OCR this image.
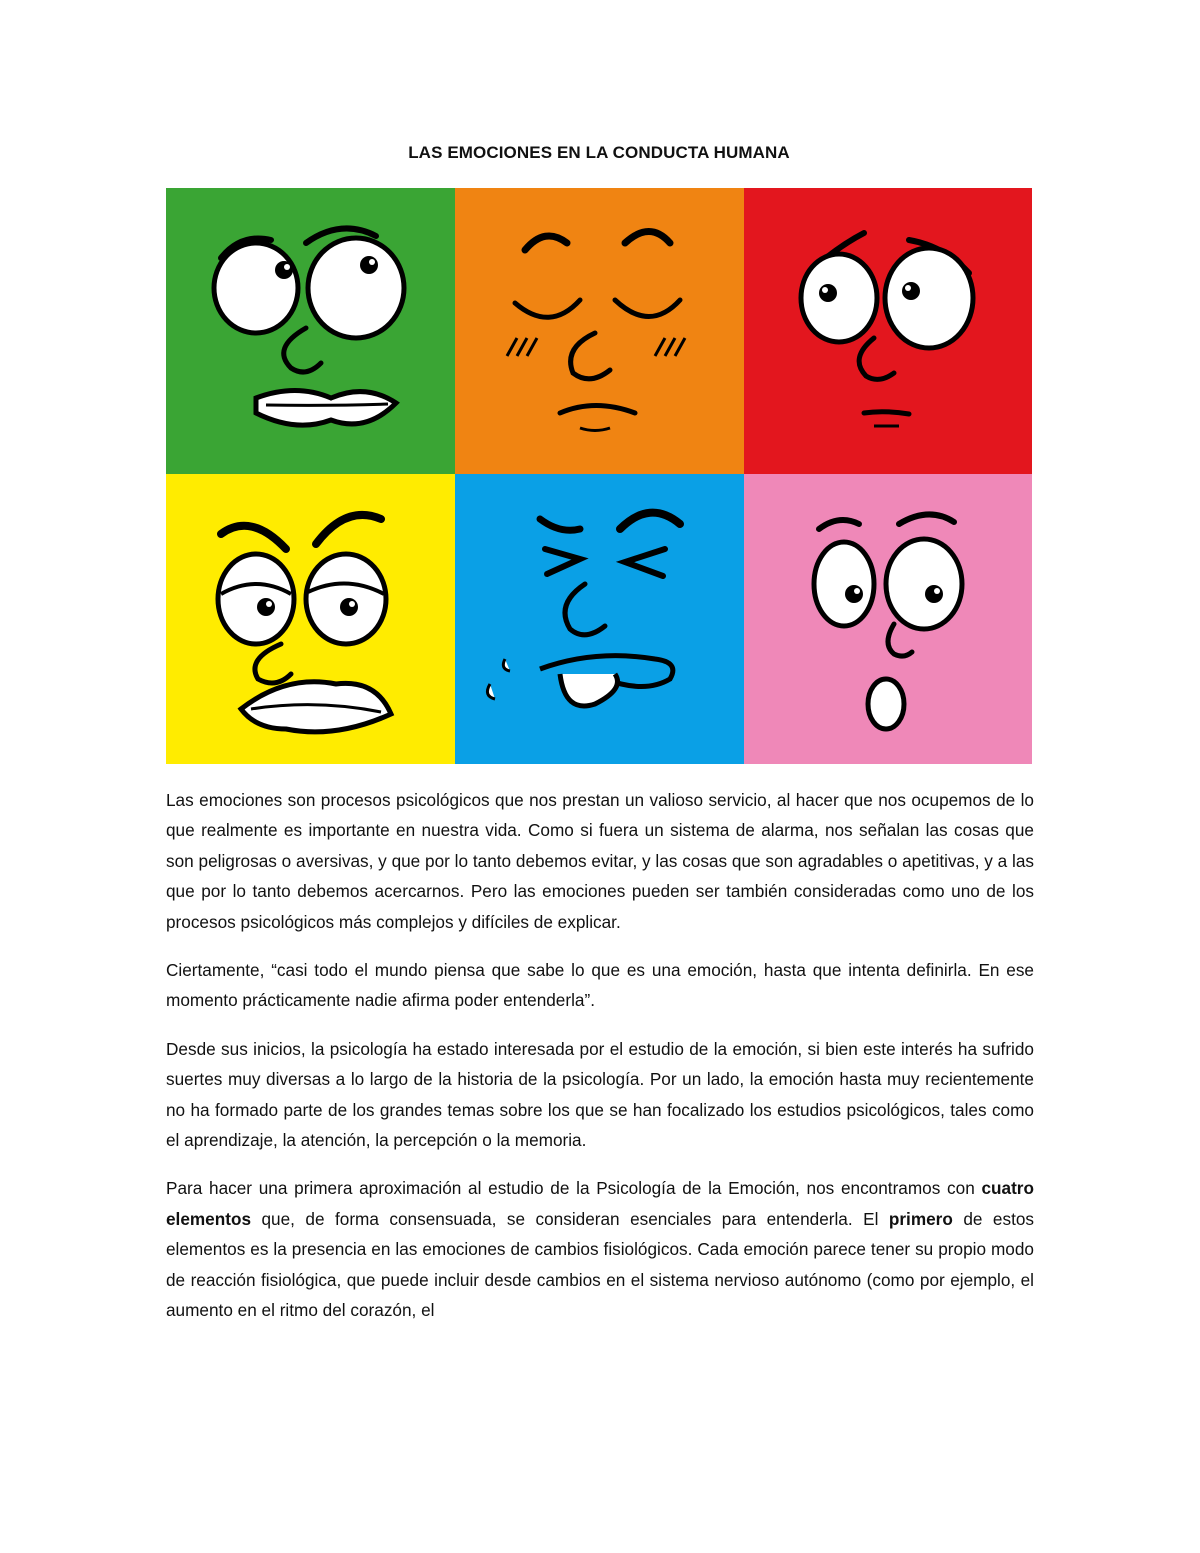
LAS EMOCIONES EN LA CONDUCTA HUMANA

Las emociones son procesos psicológicos que nos prestan un valioso servicio, al hacer que nos ocupemos de lo que realmente es importante en nuestra vida. Como si fuera un sistema de alarma, nos señalan las cosas que son peligrosas o aversivas, y que por lo tanto debemos evitar, y las cosas que son agradables o apetitivas, y a las que por lo tanto debemos acercarnos. Pero las emociones pueden ser también consideradas como uno de los procesos psicológicos más complejos y difíciles de explicar.

Ciertamente, “casi todo el mundo piensa que sabe lo que es una emoción, hasta que intenta definirla. En ese momento prácticamente nadie afirma poder entenderla”.

Desde sus inicios, la psicología ha estado interesada por el estudio de la emoción, si bien este interés ha sufrido suertes muy diversas a lo largo de la historia de la psicología. Por un lado, la emoción hasta muy recientemente no ha formado parte de los grandes temas sobre los que se han focalizado los estudios psicológicos, tales como el aprendizaje, la atención, la percepción o la memoria.

Para hacer una primera aproximación al estudio de la Psicología de la Emoción, nos encontramos con cuatro elementos que, de forma consensuada, se consideran esenciales para entenderla. El primero de estos elementos es la presencia en las emociones de cambios fisiológicos. Cada emoción parece tener su propio modo de reacción fisiológica, que puede incluir desde cambios en el sistema nervioso autónomo (como por ejemplo, el aumento en el ritmo del corazón, el
